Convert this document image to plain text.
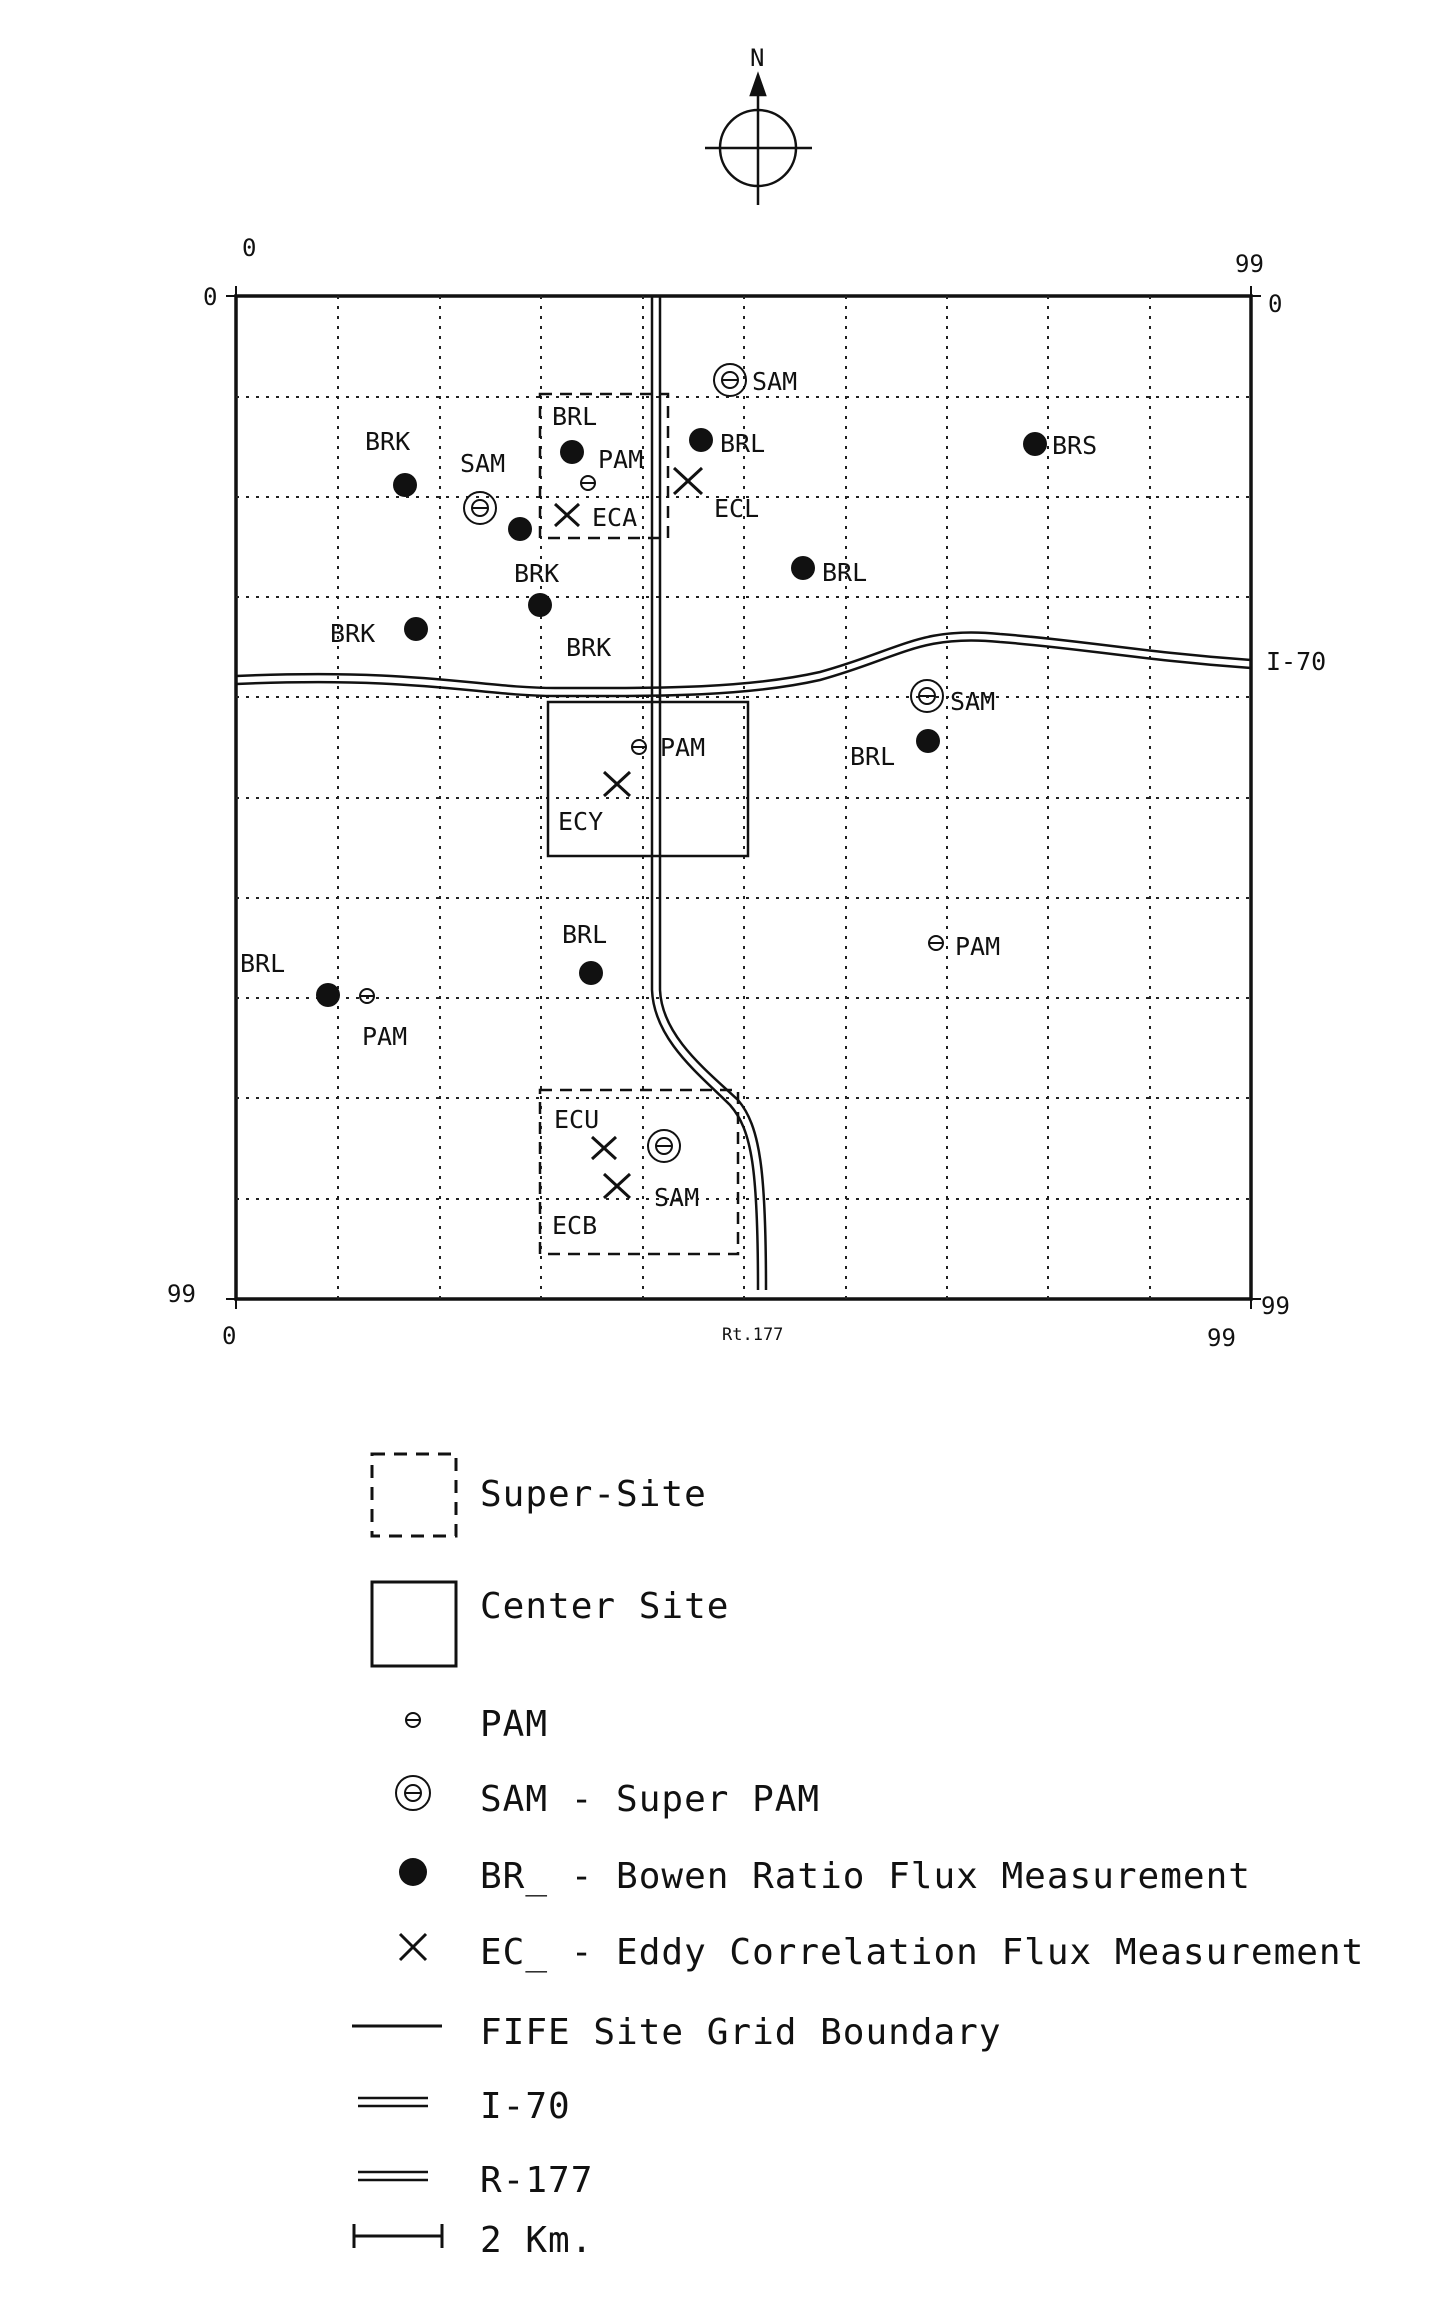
N
0
99
0
0
99
0	99
99
I-70
Rt.177
SAM
BRL	BRS
ECL
BRL
PAM
SAM
ECA
BRK
BRK
BRK
BRK
BRL
SAM
BRL
PAM
ECY
PAM
BRL
BRL
PAM
ECU
ECB
SAM
Super-Site
Center Site
PAM
SAM - Super PAM
BR_ - Bowen Ratio Flux Measurement
EC_ - Eddy Correlation Flux Measurement
FIFE Site Grid Boundary
I-70
R-177
2 Km.
